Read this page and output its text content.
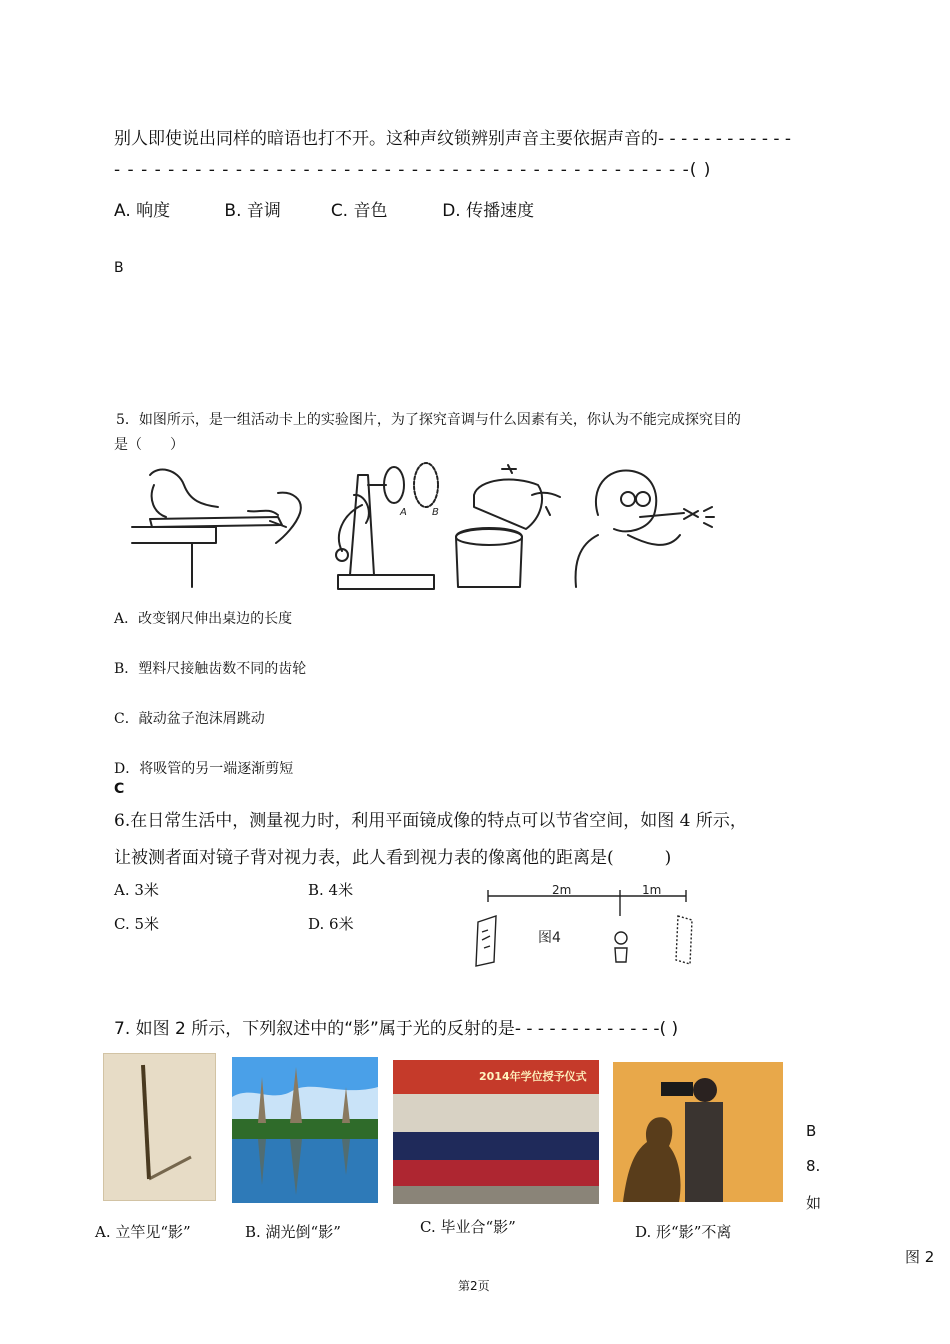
别人即使说出同样的暗语也打不开。这种声纹锁辨别声音主要依据声音的- - - - - - - - - - - -
- - - - - - - - - - - - - - - - - - - - - - - - - - - - - - - - - - - - - - - - - - -( )
A. 响度	B. 音调	C. 音色	D. 传播速度
B
5．如图所示，是一组活动卡上的实验图片，为了探究音调与什么因素有关，你认为不能完成探究目的
是（　　）
A	B
A．改变钢尺伸出桌边的长度
B．塑料尺接触齿数不同的齿轮
C．敲动盆子泡沫屑跳动
D．将吸管的另一端逐渐剪短
C
6.在日常生活中，测量视力时，利用平面镜成像的特点可以节省空间，如图 4 所示，
让被测者面对镜子背对视力表，此人看到视力表的像离他的距离是(　　　)
A. 3米	B. 4米
C. 5米	D. 6米
2m	1m
图4
7. 如图 2 所示，下列叙述中的“影”属于光的反射的是- - - - - - - - - - - - -( )
2014年学位授予仪式
A. 立竿见“影”	B. 湖光倒“影”	C. 毕业合“影”	D. 形“影”不离
B
8.
如
图 2
第2页
